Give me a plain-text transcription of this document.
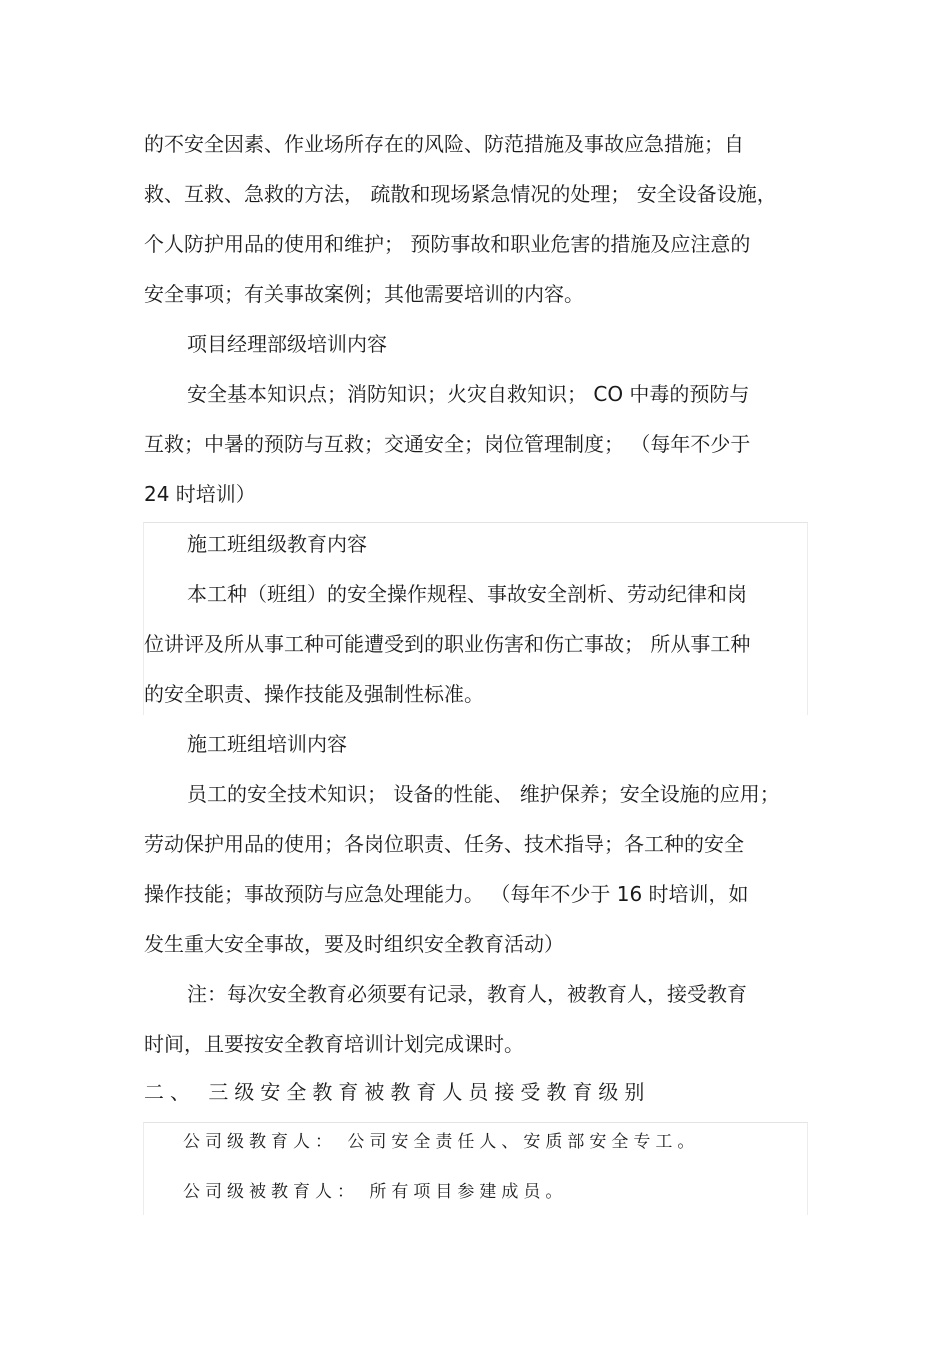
的不安全因素、作业场所存在的风险、防范措施及事故应急措施；自

救、互救、急救的方法， 疏散和现场紧急情况的处理； 安全设备设施，

个人防护用品的使用和维护； 预防事故和职业危害的措施及应注意的

安全事项；有关事故案例；其他需要培训的内容。

项目经理部级培训内容

安全基本知识点；消防知识；火灾自救知识； CO 中毒的预防与

互救；中暑的预防与互救；交通安全；岗位管理制度； （每年不少于

24 时培训）

施工班组级教育内容

本工种（班组）的安全操作规程、事故安全剖析、劳动纪律和岗

位讲评及所从事工种可能遭受到的职业伤害和伤亡事故； 所从事工种

的安全职责、操作技能及强制性标准。

施工班组培训内容

员工的安全技术知识； 设备的性能、 维护保养；安全设施的应用；

劳动保护用品的使用；各岗位职责、任务、技术指导；各工种的安全

操作技能；事故预防与应急处理能力。 （每年不少于 16 时培训，如

发生重大安全事故，要及时组织安全教育活动）

注：每次安全教育必须要有记录，教育人，被教育人，接受教育

时间，且要按安全教育培训计划完成课时。

二、 三级安全教育被教育人员接受教育级别

公司级教育人： 公司安全责任人、安质部安全专工。

公司级被教育人： 所有项目参建成员。
